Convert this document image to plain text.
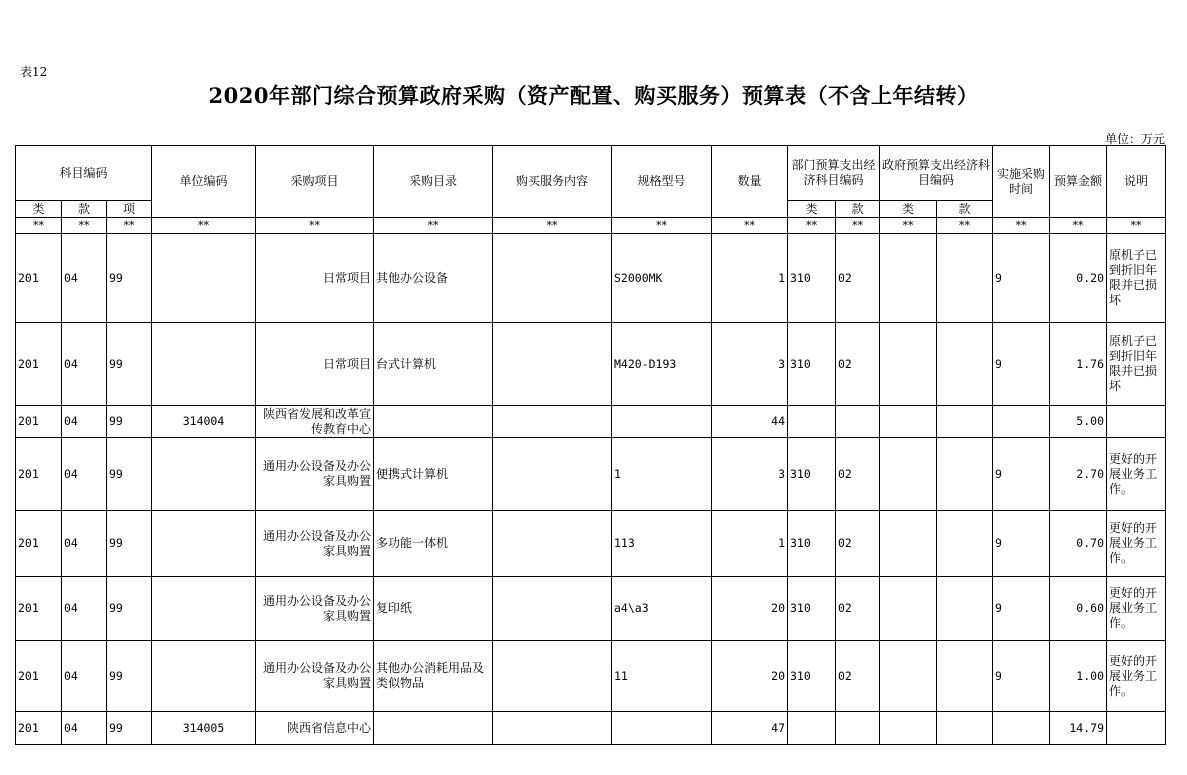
表12
2020年部门综合预算政府采购（资产配置、购买服务）预算表（不含上年结转）
单位：万元
科目编码			单位编码	采购项目	采购目录	购买服务内容	规格型号	数量	部门预算支出经济科目编码		政府预算支出经济科目编码		实施采购时间	预算金额	说明
类	款	项							类	款	类	款			
**	**	**	**	**	**	**	**	**	**	**	**	**	**	**	**
201	04	99		日常项目	其他办公设备		S2000MK	1	310	02			9	0.20	原机子已到折旧年限并已损坏
201	04	99		日常项目	台式计算机		M420-D193	3	310	02			9	1.76	原机子已到折旧年限并已损坏
201	04	99	314004	陕西省发展和改革宣传教育中心				44						5.00	
201	04	99		通用办公设备及办公家具购置	便携式计算机		1	3	310	02			9	2.70	更好的开展业务工作。
201	04	99		通用办公设备及办公家具购置	多功能一体机		113	1	310	02			9	0.70	更好的开展业务工作。
201	04	99		通用办公设备及办公家具购置	复印纸		a4\a3	20	310	02			9	0.60	更好的开展业务工作。
201	04	99		通用办公设备及办公家具购置	其他办公消耗用品及类似物品		11	20	310	02			9	1.00	更好的开展业务工作。
201	04	99	314005	陕西省信息中心				47						14.79	
